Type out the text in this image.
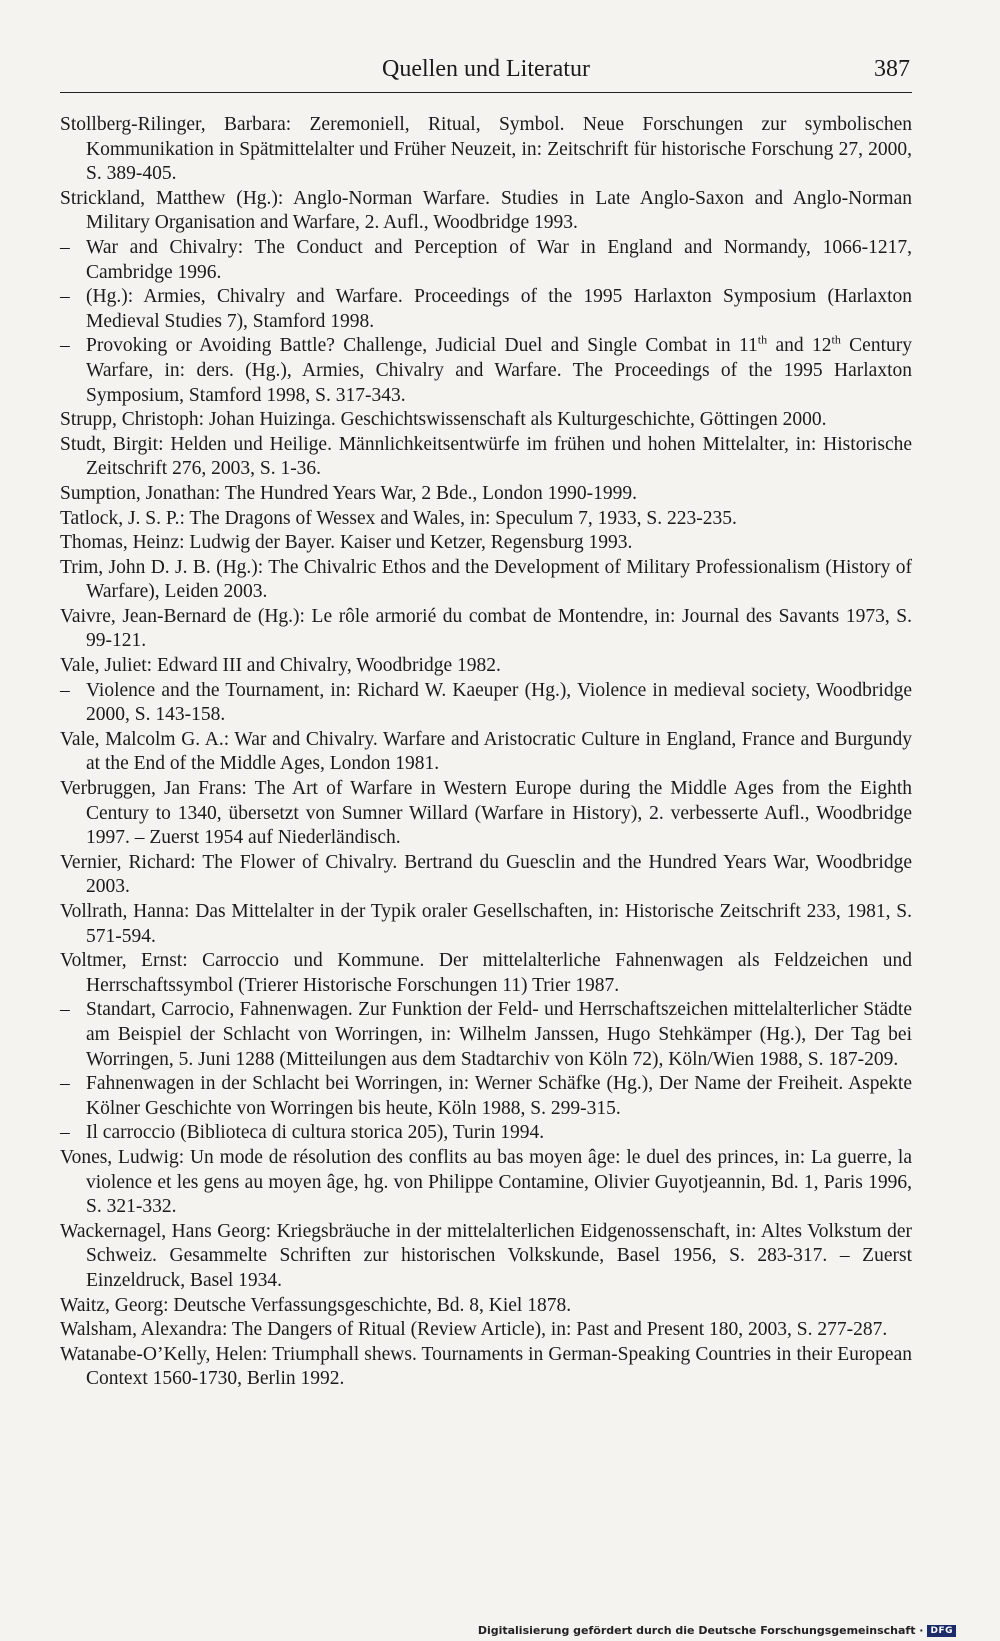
Quellen und Literatur	387
Stollberg-Rilinger, Barbara: Zeremoniell, Ritual, Symbol. Neue Forschungen zur symbolischen Kommunikation in Spätmittelalter und Früher Neuzeit, in: Zeitschrift für historische Forschung 27, 2000, S. 389-405.
Strickland, Matthew (Hg.): Anglo-Norman Warfare. Studies in Late Anglo-Saxon and Anglo-Norman Military Organisation and Warfare, 2. Aufl., Woodbridge 1993.
– War and Chivalry: The Conduct and Perception of War in England and Normandy, 1066-1217, Cambridge 1996.
– (Hg.): Armies, Chivalry and Warfare. Proceedings of the 1995 Harlaxton Symposium (Harlaxton Medieval Studies 7), Stamford 1998.
– Provoking or Avoiding Battle? Challenge, Judicial Duel and Single Combat in 11th and 12th Century Warfare, in: ders. (Hg.), Armies, Chivalry and Warfare. The Proceedings of the 1995 Harlaxton Symposium, Stamford 1998, S. 317-343.
Strupp, Christoph: Johan Huizinga. Geschichtswissenschaft als Kulturgeschichte, Göttingen 2000.
Studt, Birgit: Helden und Heilige. Männlichkeitsentwürfe im frühen und hohen Mittelalter, in: Historische Zeitschrift 276, 2003, S. 1-36.
Sumption, Jonathan: The Hundred Years War, 2 Bde., London 1990-1999.
Tatlock, J. S. P.: The Dragons of Wessex and Wales, in: Speculum 7, 1933, S. 223-235.
Thomas, Heinz: Ludwig der Bayer. Kaiser und Ketzer, Regensburg 1993.
Trim, John D. J. B. (Hg.): The Chivalric Ethos and the Development of Military Professionalism (History of Warfare), Leiden 2003.
Vaivre, Jean-Bernard de (Hg.): Le rôle armorié du combat de Montendre, in: Journal des Savants 1973, S. 99-121.
Vale, Juliet: Edward III and Chivalry, Woodbridge 1982.
– Violence and the Tournament, in: Richard W. Kaeuper (Hg.), Violence in medieval society, Woodbridge 2000, S. 143-158.
Vale, Malcolm G. A.: War and Chivalry. Warfare and Aristocratic Culture in England, France and Burgundy at the End of the Middle Ages, London 1981.
Verbruggen, Jan Frans: The Art of Warfare in Western Europe during the Middle Ages from the Eighth Century to 1340, übersetzt von Sumner Willard (Warfare in History), 2. verbesserte Aufl., Woodbridge 1997. – Zuerst 1954 auf Niederländisch.
Vernier, Richard: The Flower of Chivalry. Bertrand du Guesclin and the Hundred Years War, Woodbridge 2003.
Vollrath, Hanna: Das Mittelalter in der Typik oraler Gesellschaften, in: Historische Zeitschrift 233, 1981, S. 571-594.
Voltmer, Ernst: Carroccio und Kommune. Der mittelalterliche Fahnenwagen als Feldzeichen und Herrschaftssymbol (Trierer Historische Forschungen 11) Trier 1987.
– Standart, Carrocio, Fahnenwagen. Zur Funktion der Feld- und Herrschaftszeichen mittelalterlicher Städte am Beispiel der Schlacht von Worringen, in: Wilhelm Janssen, Hugo Stehkämper (Hg.), Der Tag bei Worringen, 5. Juni 1288 (Mitteilungen aus dem Stadtarchiv von Köln 72), Köln/Wien 1988, S. 187-209.
– Fahnenwagen in der Schlacht bei Worringen, in: Werner Schäfke (Hg.), Der Name der Freiheit. Aspekte Kölner Geschichte von Worringen bis heute, Köln 1988, S. 299-315.
– Il carroccio (Biblioteca di cultura storica 205), Turin 1994.
Vones, Ludwig: Un mode de résolution des conflits au bas moyen âge: le duel des princes, in: La guerre, la violence et les gens au moyen âge, hg. von Philippe Contamine, Olivier Guyotjeannin, Bd. 1, Paris 1996, S. 321-332.
Wackernagel, Hans Georg: Kriegsbräuche in der mittelalterlichen Eidgenossenschaft, in: Altes Volkstum der Schweiz. Gesammelte Schriften zur historischen Volkskunde, Basel 1956, S. 283-317. – Zuerst Einzeldruck, Basel 1934.
Waitz, Georg: Deutsche Verfassungsgeschichte, Bd. 8, Kiel 1878.
Walsham, Alexandra: The Dangers of Ritual (Review Article), in: Past and Present 180, 2003, S. 277-287.
Watanabe-O’Kelly, Helen: Triumphall shews. Tournaments in German-Speaking Countries in their European Context 1560-1730, Berlin 1992.
Digitalisierung gefördert durch die Deutsche Forschungsgemeinschaft · DFG
